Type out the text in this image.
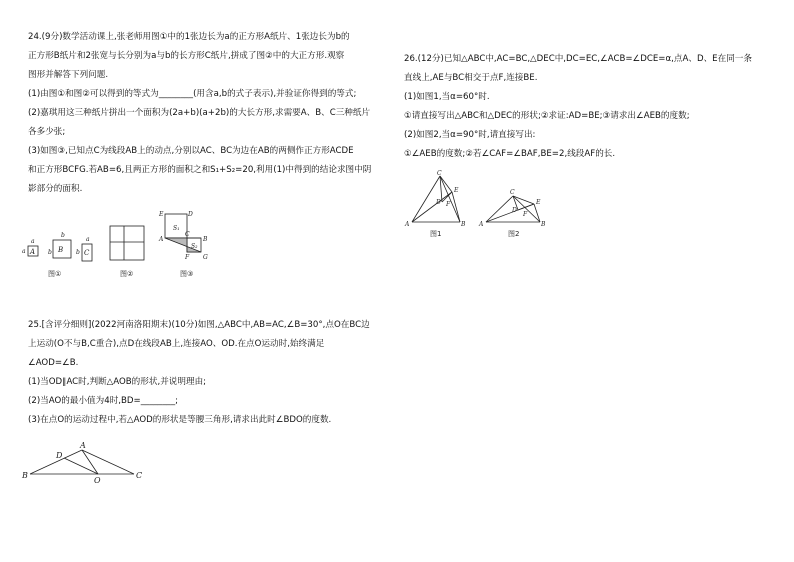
24.(9分)数学活动课上,张老师用图①中的1张边长为a的正方形A纸片、1张边长为b的

正方形B纸片和2张宽与长分别为a与b的长方形C纸片,拼成了图②中的大正方形.观察

图形并解答下列问题.

(1)由图①和图②可以得到的等式为________(用含a,b的式子表示),并验证你得到的等式;

(2)嘉琪用这三种纸片拼出一个面积为(2a+b)(a+2b)的大长方形,求需要A、B、C三种纸片

各多少张;

(3)如图③,已知点C为线段AB上的动点,分别以AC、BC为边在AB的两侧作正方形ACDE

和正方形BCFG.若AB=6,且两正方形的面积之和S₁+S₂=20,利用(1)中得到的结论求图中阴

影部分的面积.

a
a A
b
b B
a
b C
图①	图②
E	D
S₁
A
C
B
S₂
F G
图③

25.[含评分细则](2022河南洛阳期末)(10分)如图,△ABC中,AB=AC,∠B=30°,点O在BC边

上运动(O不与B,C重合),点D在线段AB上,连接AO、OD.在点O运动时,始终满足

∠AOD=∠B.

(1)当OD∥AC时,判断△AOB的形状,并说明理由;

(2)当AO的最小值为4时,BD=________;

(3)在点O的运动过程中,若△AOD的形状是等腰三角形,请求出此时∠BDO的度数.

A
D
B
O
C

26.(12分)已知△ABC中,AC=BC,△DEC中,DC=EC,∠ACB=∠DCE=α,点A、D、E在同一条

直线上,AE与BC相交于点F,连接BE.

(1)如图1,当α=60°时.

①请直接写出△ABC和△DEC的形状;②求证:AD=BE;③请求出∠AEB的度数;

(2)如图2,当α=90°时,请直接写出:

①∠AEB的度数;②若∠CAF=∠BAF,BE=2,线段AF的长.

C
E
D F
A	B
图1
C
E
D
F
A	B
图2
